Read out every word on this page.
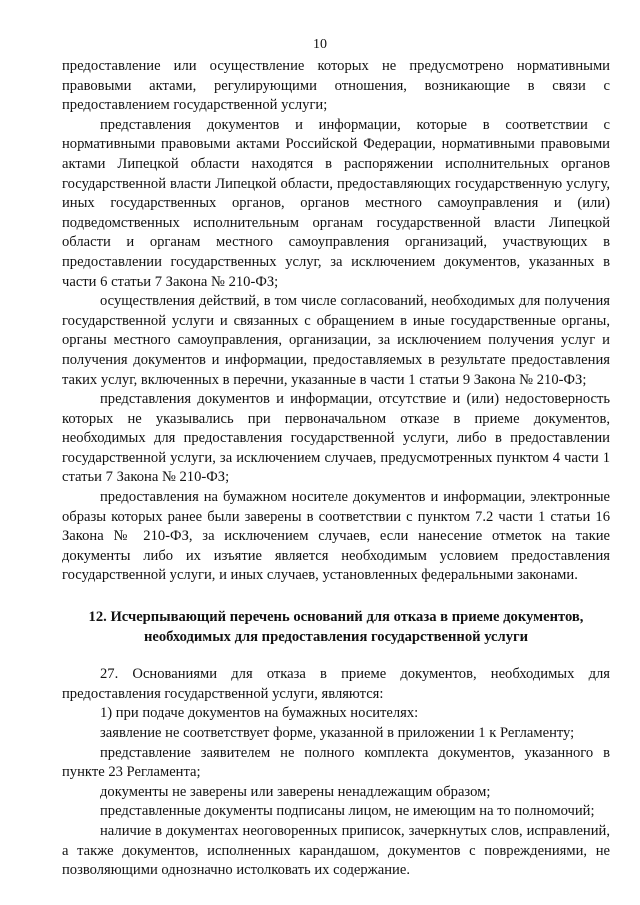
10

предоставление или осуществление которых не предусмотрено нормативными правовыми актами, регулирующими отношения, возникающие в связи с предоставлением государственной услуги;

представления документов и информации, которые в соответствии с нормативными правовыми актами Российской Федерации, нормативными правовыми актами Липецкой области находятся в распоряжении исполнительных органов государственной власти Липецкой области, предоставляющих государственную услугу, иных государственных органов, органов местного самоуправления и (или) подведомственных исполнительным органам государственной власти Липецкой области и органам местного самоуправления организаций, участвующих в предоставлении государственных услуг, за исключением документов, указанных в части 6 статьи 7 Закона № 210-ФЗ;

осуществления действий, в том числе согласований, необходимых для получения государственной услуги и связанных с обращением в иные государственные органы, органы местного самоуправления, организации, за исключением получения услуг и получения документов и информации, предоставляемых в результате предоставления таких услуг, включенных в перечни, указанные в части 1 статьи 9 Закона № 210-ФЗ;

представления документов и информации, отсутствие и (или) недостоверность которых не указывались при первоначальном отказе в приеме документов, необходимых для предоставления государственной услуги, либо в предоставлении государственной услуги, за исключением случаев, предусмотренных пунктом 4 части 1 статьи 7 Закона № 210-ФЗ;

предоставления на бумажном носителе документов и информации, электронные образы которых ранее были заверены в соответствии с пунктом 7.2 части 1 статьи 16 Закона № 210-ФЗ, за исключением случаев, если нанесение отметок на такие документы либо их изъятие является необходимым условием предоставления государственной услуги, и иных случаев, установленных федеральными законами.

12. Исчерпывающий перечень оснований для отказа в приеме документов, необходимых для предоставления государственной услуги

27. Основаниями для отказа в приеме документов, необходимых для предоставления государственной услуги, являются:

1) при подаче документов на бумажных носителях:

заявление не соответствует форме, указанной в приложении 1 к Регламенту;

представление заявителем не полного комплекта документов, указанного в пункте 23 Регламента;

документы не заверены или заверены ненадлежащим образом;

представленные документы подписаны лицом, не имеющим на то полномочий;

наличие в документах неоговоренных приписок, зачеркнутых слов, исправлений, а также документов, исполненных карандашом, документов с повреждениями, не позволяющими однозначно истолковать их содержание.
